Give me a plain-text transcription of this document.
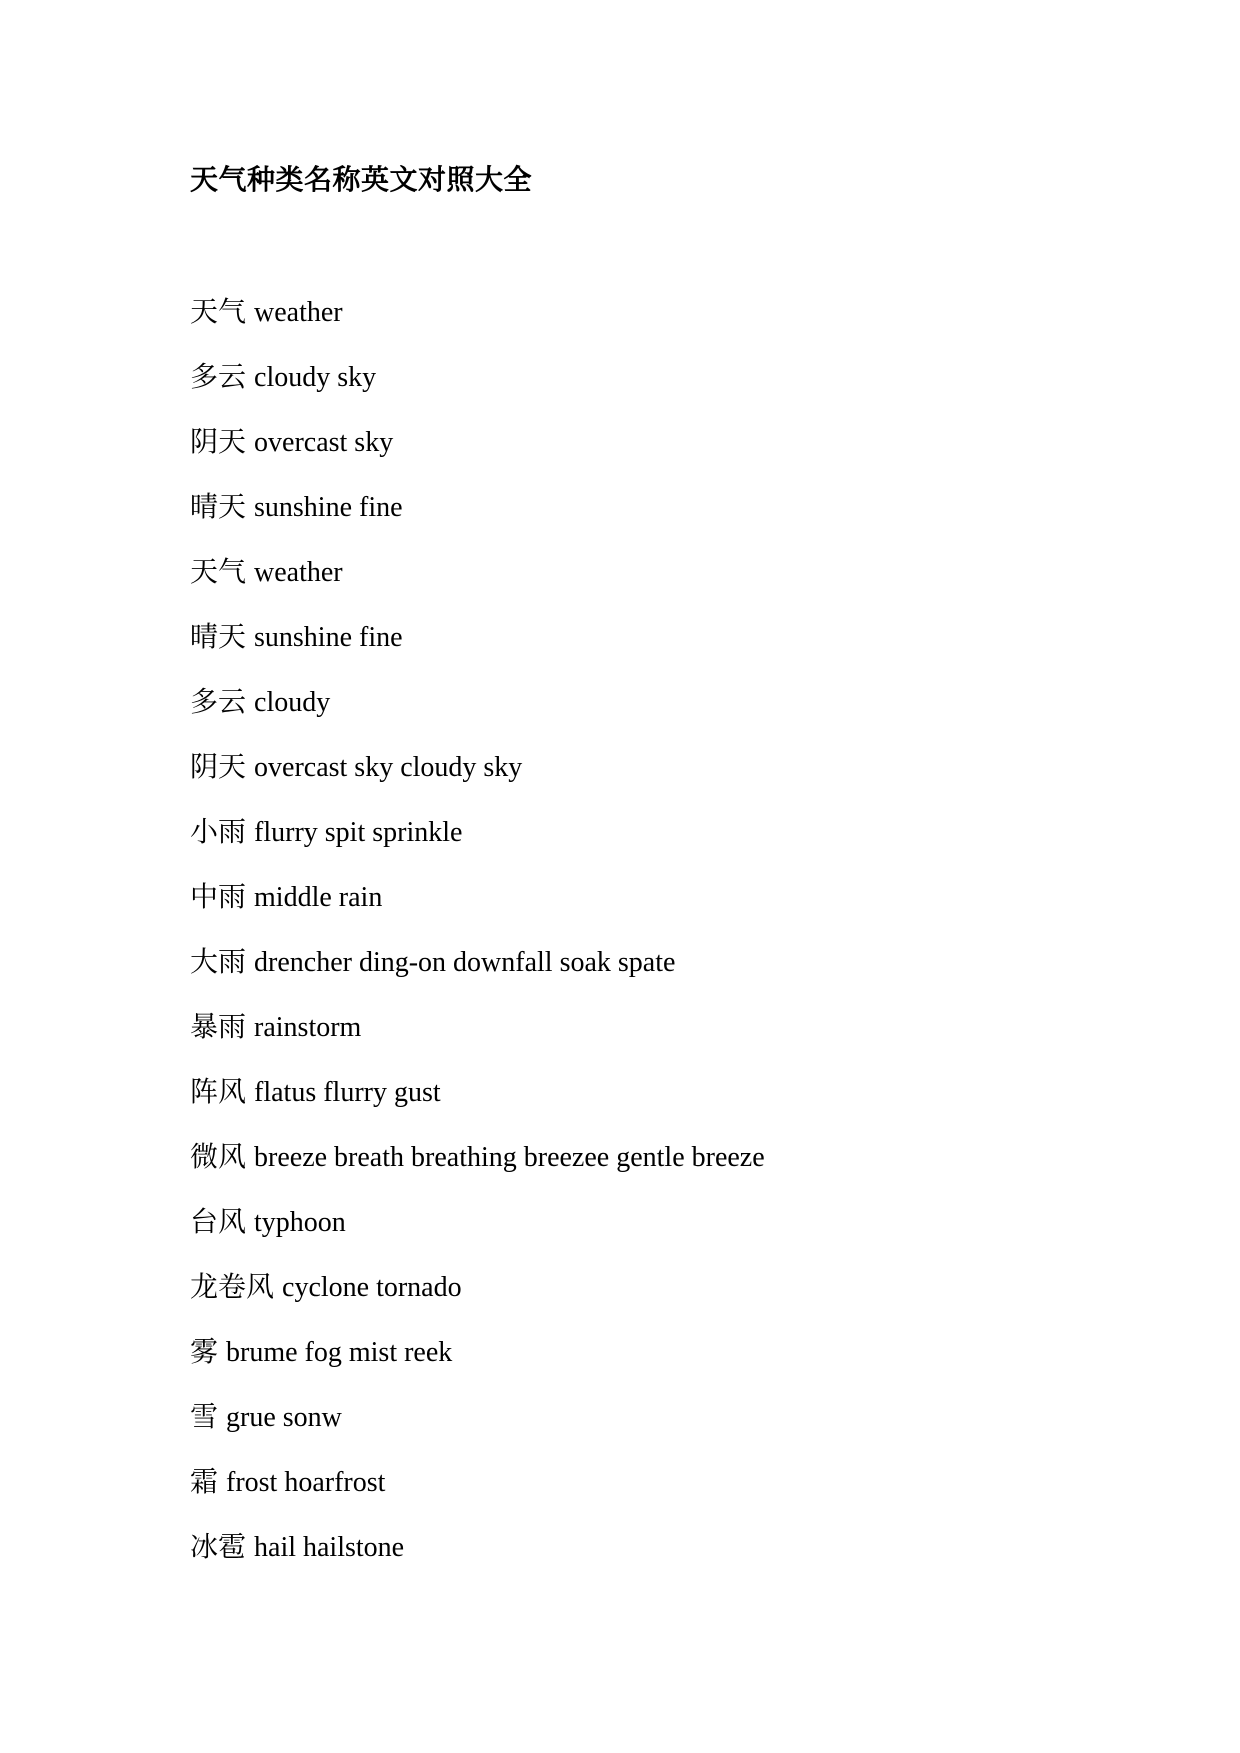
天气种类名称英文对照大全
天气 weather
多云 cloudy sky
阴天 overcast sky
晴天 sunshine fine
天气 weather
晴天 sunshine fine
多云 cloudy
阴天 overcast sky cloudy sky
小雨 flurry spit sprinkle
中雨 middle rain
大雨 drencher ding-on downfall soak spate
暴雨 rainstorm
阵风 flatus flurry gust
微风 breeze breath breathing breezee gentle breeze
台风 typhoon
龙卷风 cyclone tornado
雾 brume fog mist reek
雪 grue sonw
霜 frost hoarfrost
冰雹 hail hailstone
